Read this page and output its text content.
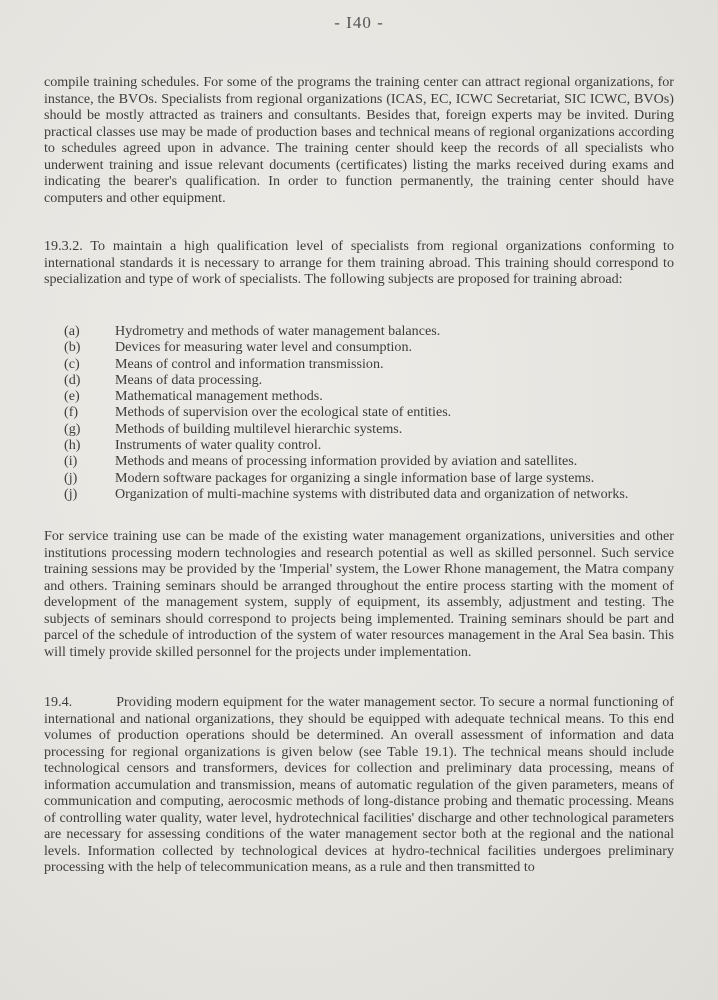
- I40 -

compile training schedules. For some of the programs the training center can attract regional organizations, for instance, the BVOs. Specialists from regional organizations (ICAS, EC, ICWC Secretariat, SIC ICWC, BVOs) should be mostly attracted as trainers and consultants. Besides that, foreign experts may be invited. During practical classes use may be made of production bases and technical means of regional organizations according to schedules agreed upon in advance. The training center should keep the records of all specialists who underwent training and issue relevant documents (certificates) listing the marks received during exams and indicating the bearer's qualification. In order to function permanently, the training center should have computers and other equipment.

19.3.2. To maintain a high qualification level of specialists from regional organizations conforming to international standards it is necessary to arrange for them training abroad. This training should correspond to specialization and type of work of specialists. The following subjects are proposed for training abroad:

(a)	Hydrometry and methods of water management balances.
(b)	Devices for measuring water level and consumption.
(c)	Means of control and information transmission.
(d)	Means of data processing.
(e)	Mathematical management methods.
(f)	Methods of supervision over the ecological state of entities.
(g)	Methods of building multilevel hierarchic systems.
(h)	Instruments of water quality control.
(i)	Methods and means of processing information provided by aviation and satellites.
(j)	Modern software packages for organizing a single information base of large systems.
(j)	Organization of multi-machine systems with distributed data and organization of networks.

For service training use can be made of the existing water management organizations, universities and other institutions processing modern technologies and research potential as well as skilled personnel. Such service training sessions may be provided by the 'Imperial' system, the Lower Rhone management, the Matra company and others. Training seminars should be arranged throughout the entire process starting with the moment of development of the management system, supply of equipment, its assembly, adjustment and testing. The subjects of seminars should correspond to projects being implemented. Training seminars should be part and parcel of the schedule of introduction of the system of water resources management in the Aral Sea basin. This will timely provide skilled personnel for the projects under implementation.

19.4.	Providing modern equipment for the water management sector. To secure a normal functioning of international and national organizations, they should be equipped with adequate technical means. To this end volumes of production operations should be determined. An overall assessment of information and data processing for regional organizations is given below (see Table 19.1). The technical means should include technological censors and transformers, devices for collection and preliminary data processing, means of information accumulation and transmission, means of automatic regulation of the given parameters, means of communication and computing, aerocosmic methods of long-distance probing and thematic processing. Means of controlling water quality, water level, hydrotechnical facilities' discharge and other technological parameters are necessary for assessing conditions of the water management sector both at the regional and the national levels. Information collected by technological devices at hydro-technical facilities undergoes preliminary processing with the help of telecommunication means, as a rule and then transmitted to
